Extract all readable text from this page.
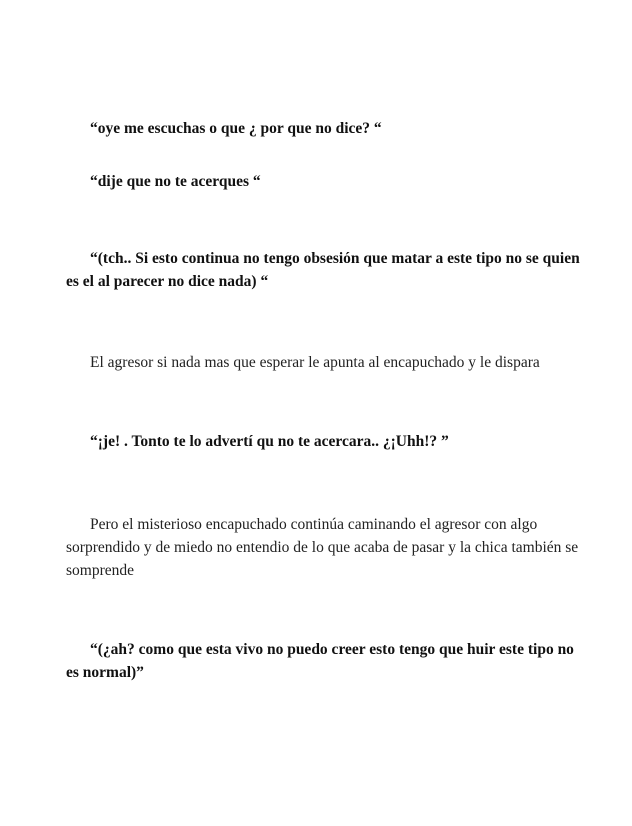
“oye me escuchas o que ¿ por que no dice? “

“dije que no te acerques “

“(tch.. Si esto continua no tengo obsesión que matar a este tipo no se quien es el al parecer no dice nada) “

El agresor si nada mas que esperar le apunta al encapuchado y le dispara

“¡je! . Tonto te lo advertí qu no te acercara.. ¿¡Uhh!? ”

Pero el misterioso encapuchado continúa caminando el agresor con algo sorprendido y de miedo no entendio de lo que acaba de pasar y la chica también se somprende

“(¿ah? como que esta vivo no puedo creer esto tengo que huir este tipo no es normal)”
